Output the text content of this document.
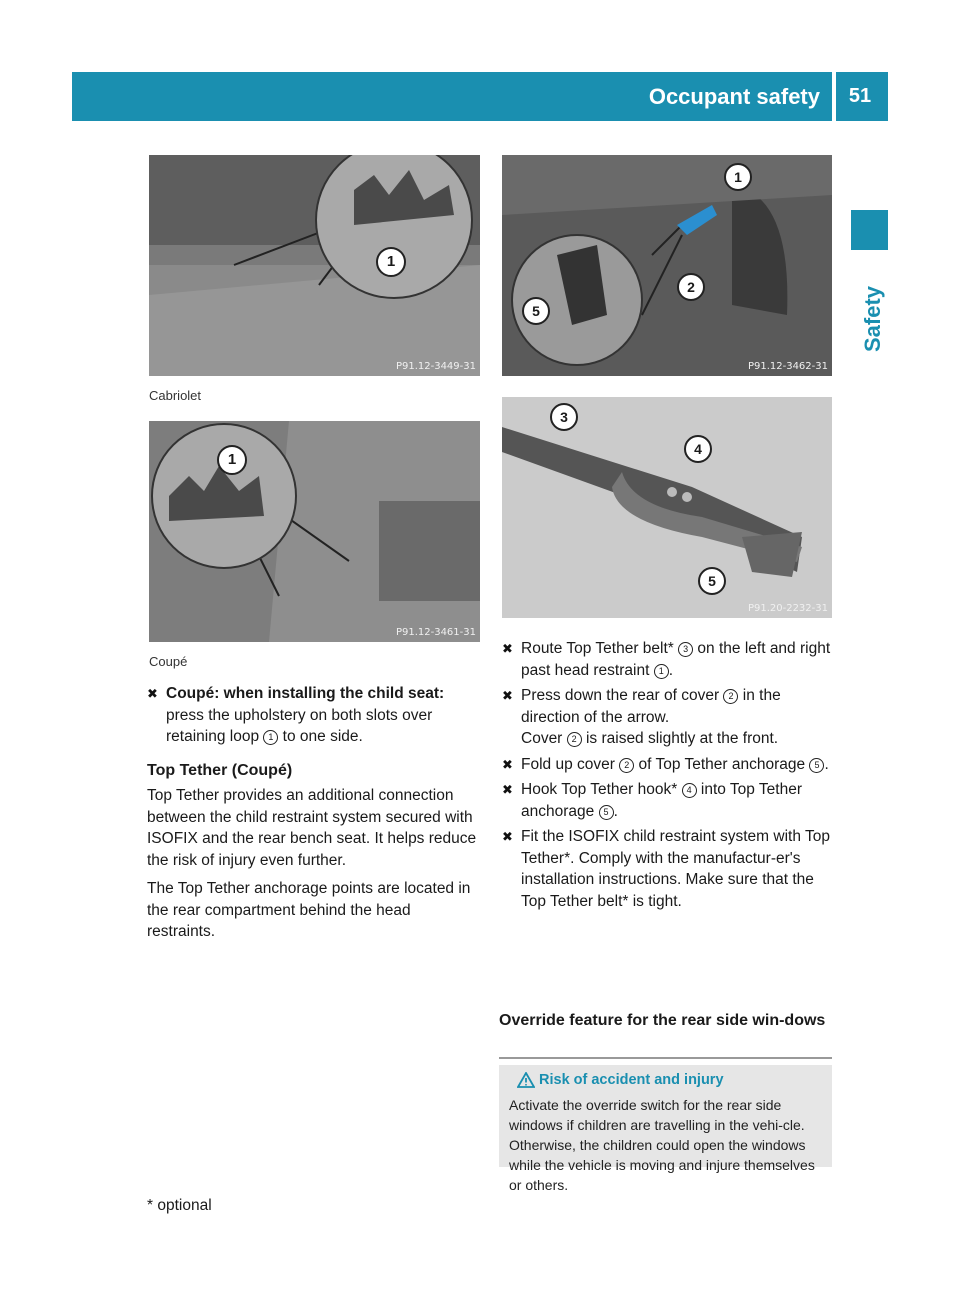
Occupant safety	51
Safety
1
P91.12-3449-31
Cabriolet
1
P91.12-3461-31
Coupé
1
2
5
P91.12-3462-31
3
4
5
P91.20-2232-31
✖ Coupé: when installing the child seat:
press the upholstery on both slots over retaining loop 1 to one side.
Top Tether (Coupé)
Top Tether provides an additional connection between the child restraint system secured with ISOFIX and the rear bench seat. It helps reduce the risk of injury even further.
The Top Tether anchorage points are located in the rear compartment behind the head restraints.
✖ Route Top Tether belt* 3 on the left and right past head restraint 1 .
✖ Press down the rear of cover 2 in the direction of the arrow.
Cover 2 is raised slightly at the front.
✖ Fold up cover 2 of Top Tether anchorage 5 .
✖ Hook Top Tether hook* 4 into Top Tether anchorage 5 .
✖ Fit the ISOFIX child restraint system with Top Tether*. Comply with the manufactur-er's installation instructions. Make sure that the Top Tether belt* is tight.
Override feature for the rear side win-dows
Risk of accident and injury
Activate the override switch for the rear side windows if children are travelling in the vehi-cle. Otherwise, the children could open the windows while the vehicle is moving and injure themselves or others.
* optional
